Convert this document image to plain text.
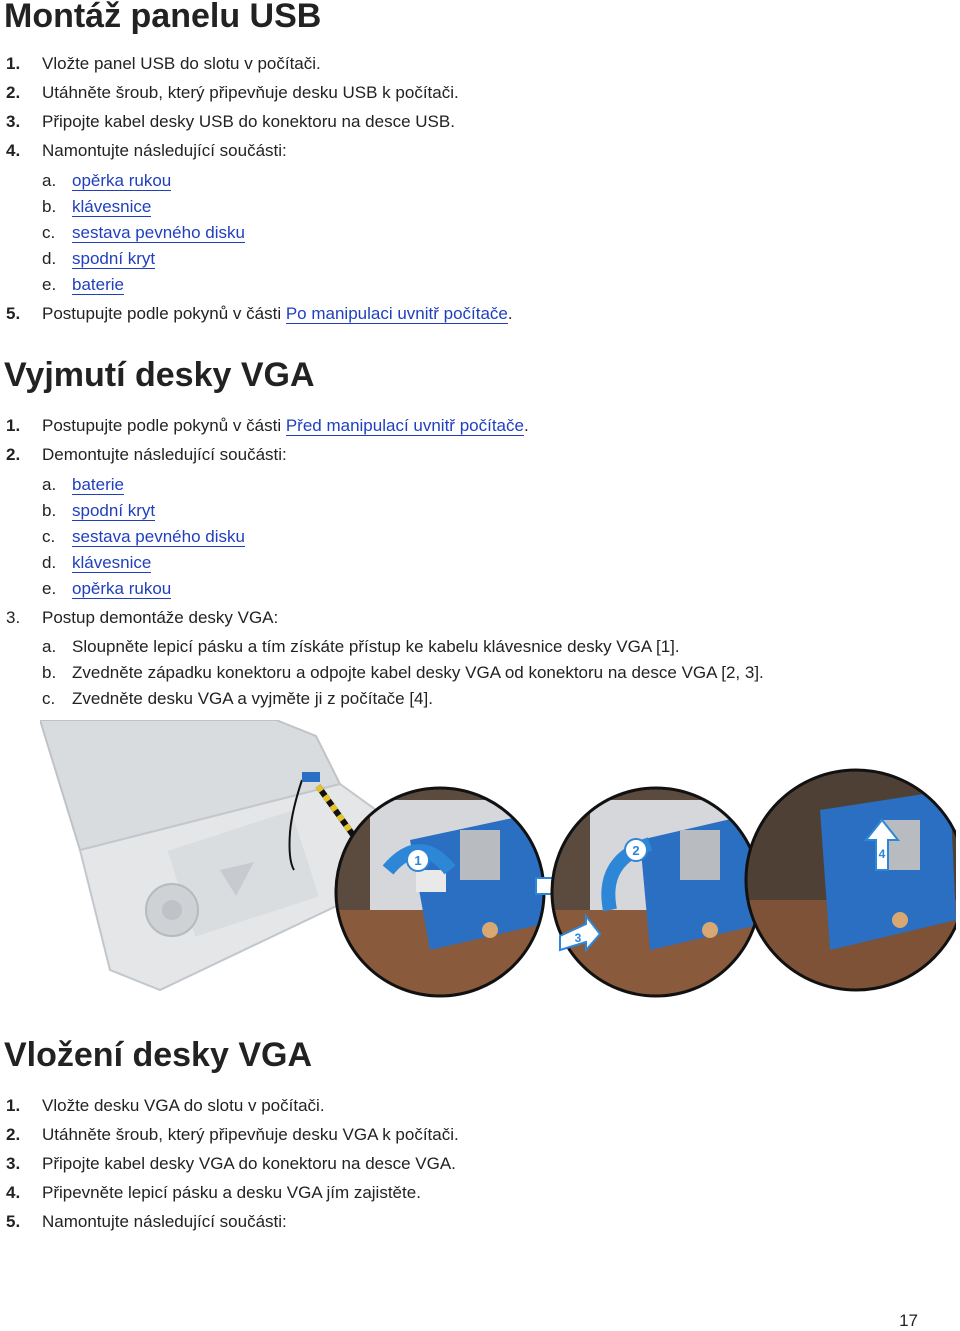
Montáž panelu USB
1. Vložte panel USB do slotu v počítači.
2. Utáhněte šroub, který připevňuje desku USB k počítači.
3. Připojte kabel desky USB do konektoru na desce USB.
4. Namontujte následující součásti:
a. opěrka rukou
b. klávesnice
c. sestava pevného disku
d. spodní kryt
e. baterie
5. Postupujte podle pokynů v části Po manipulaci uvnitř počítače.
Vyjmutí desky VGA
1. Postupujte podle pokynů v části Před manipulací uvnitř počítače.
2. Demontujte následující součásti:
a. baterie
b. spodní kryt
c. sestava pevného disku
d. klávesnice
e. opěrka rukou
3. Postup demontáže desky VGA:
a. Sloupněte lepicí pásku a tím získáte přístup ke kabelu klávesnice desky VGA [1].
b. Zvedněte západku konektoru a odpojte kabel desky VGA od konektoru na desce VGA [2, 3].
c. Zvedněte desku VGA a vyjměte ji z počítače [4].
1
2
3
4
Vložení desky VGA
1. Vložte desku VGA do slotu v počítači.
2. Utáhněte šroub, který připevňuje desku VGA k počítači.
3. Připojte kabel desky VGA do konektoru na desce VGA.
4. Připevněte lepicí pásku a desku VGA jím zajistěte.
5. Namontujte následující součásti:
17
